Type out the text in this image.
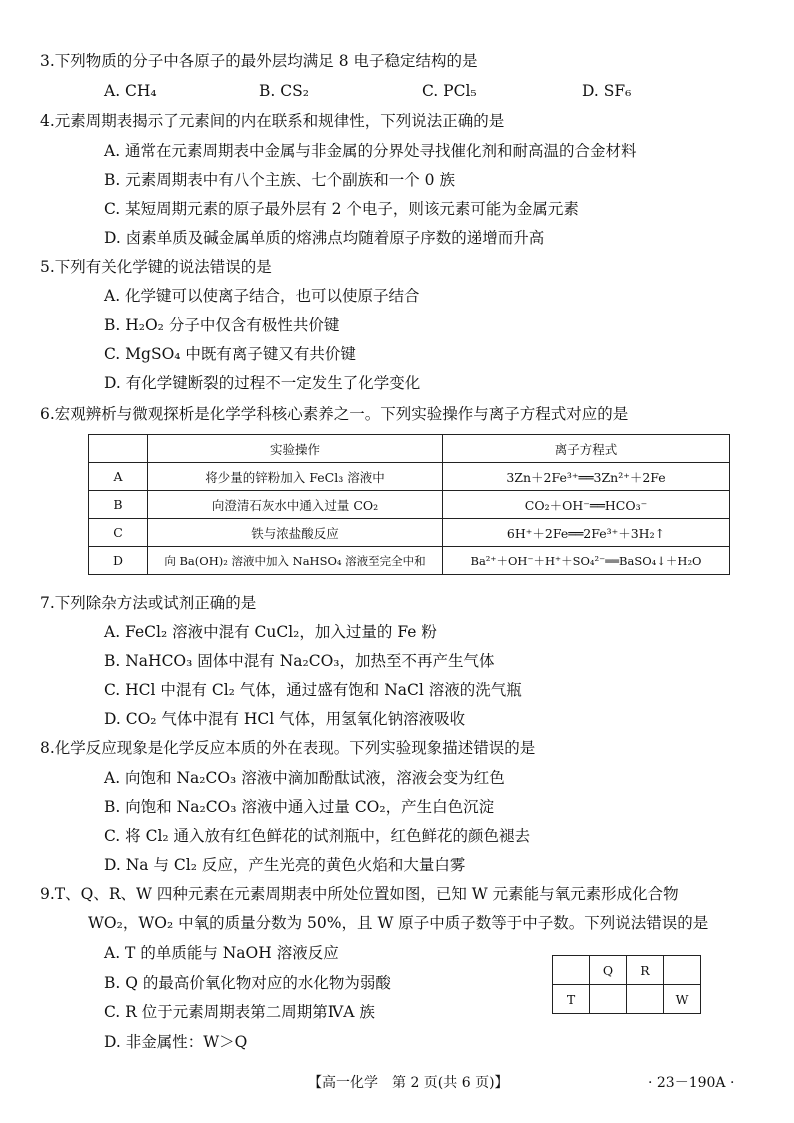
3.下列物质的分子中各原子的最外层均满足 8 电子稳定结构的是
A. CH₄	B. CS₂	C. PCl₅	D. SF₆
4.元素周期表揭示了元素间的内在联系和规律性，下列说法正确的是
A. 通常在元素周期表中金属与非金属的分界处寻找催化剂和耐高温的合金材料
B. 元素周期表中有八个主族、七个副族和一个 0 族
C. 某短周期元素的原子最外层有 2 个电子，则该元素可能为金属元素
D. 卤素单质及碱金属单质的熔沸点均随着原子序数的递增而升高
5.下列有关化学键的说法错误的是
A. 化学键可以使离子结合，也可以使原子结合
B. H₂O₂ 分子中仅含有极性共价键
C. MgSO₄ 中既有离子键又有共价键
D. 有化学键断裂的过程不一定发生了化学变化
6.宏观辨析与微观探析是化学学科核心素养之一。下列实验操作与离子方程式对应的是
	实验操作	离子方程式
A	将少量的锌粉加入 FeCl₃ 溶液中	3Zn＋2Fe³⁺══3Zn²⁺＋2Fe
B	向澄清石灰水中通入过量 CO₂	CO₂＋OH⁻══HCO₃⁻
C	铁与浓盐酸反应	6H⁺＋2Fe══2Fe³⁺＋3H₂↑
D	向 Ba(OH)₂ 溶液中加入 NaHSO₄ 溶液至完全中和	Ba²⁺＋OH⁻＋H⁺＋SO₄²⁻══BaSO₄↓＋H₂O
7.下列除杂方法或试剂正确的是
A. FeCl₂ 溶液中混有 CuCl₂，加入过量的 Fe 粉
B. NaHCO₃ 固体中混有 Na₂CO₃，加热至不再产生气体
C. HCl 中混有 Cl₂ 气体，通过盛有饱和 NaCl 溶液的洗气瓶
D. CO₂ 气体中混有 HCl 气体，用氢氧化钠溶液吸收
8.化学反应现象是化学反应本质的外在表现。下列实验现象描述错误的是
A. 向饱和 Na₂CO₃ 溶液中滴加酚酞试液，溶液会变为红色
B. 向饱和 Na₂CO₃ 溶液中通入过量 CO₂，产生白色沉淀
C. 将 Cl₂ 通入放有红色鲜花的试剂瓶中，红色鲜花的颜色褪去
D. Na 与 Cl₂ 反应，产生光亮的黄色火焰和大量白雾
9.T、Q、R、W 四种元素在元素周期表中所处位置如图，已知 W 元素能与氧元素形成化合物
WO₂，WO₂ 中氧的质量分数为 50%，且 W 原子中质子数等于中子数。下列说法错误的是
A. T 的单质能与 NaOH 溶液反应
B. Q 的最高价氧化物对应的水化物为弱酸
C. R 位于元素周期表第二周期第ⅣA 族
D. 非金属性：W＞Q
	Q	R	
T			W
【高一化学　第 2 页(共 6 页)】	· 23－190A ·
